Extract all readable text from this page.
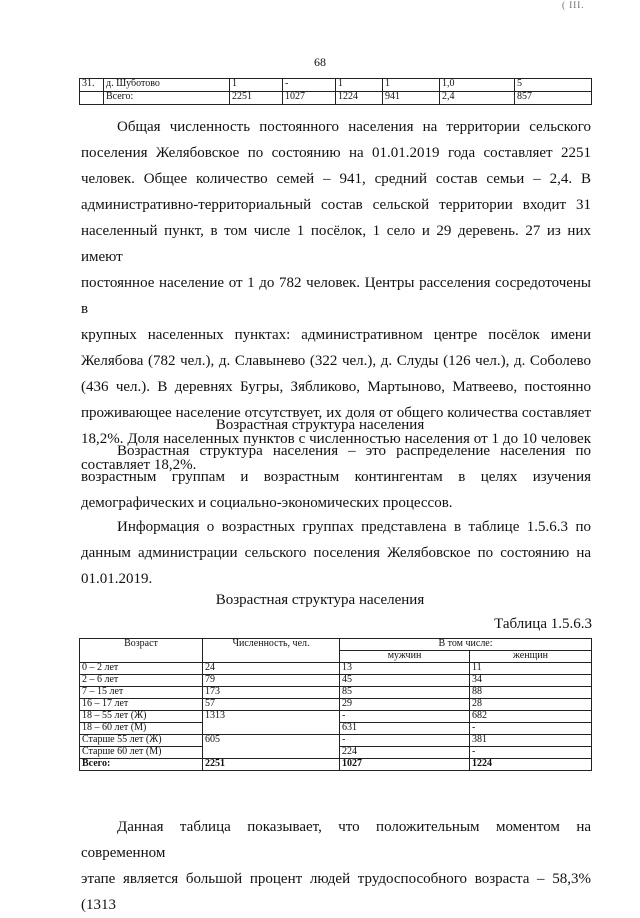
( III.
68
31.	д. Шуботово	1	-	1	1	1,0	5
	Всего:	2251	1027	1224	941	2,4	857
Общая численность постоянного населения на территории сельского
поселения Желябовское по состоянию на 01.01.2019 года составляет 2251
человек. Общее количество семей – 941, средний состав семьи – 2,4. В
административно-территориальный состав сельской территории входит 31
населенный пункт, в том числе 1 посёлок, 1 село и 29 деревень. 27 из них имеют
постоянное население от 1 до 782 человек. Центры расселения сосредоточены в
крупных населенных пунктах: административном центре посёлок имени
Желябова (782 чел.), д. Славынево (322 чел.), д. Слуды (126 чел.), д. Соболево
(436 чел.). В деревнях Бугры, Зябликово, Мартыново, Матвеево, постоянно
проживающее население отсутствует, их доля от общего количества составляет
18,2%. Доля населенных пунктов с численностью населения от 1 до 10 человек
составляет 18,2%.
Возрастная структура населения
Возрастная структура населения – это распределение населения по
возрастным группам и возрастным контингентам в целях изучения
демографических и социально-экономических процессов.
Информация о возрастных группах представлена в таблице 1.5.6.3 по
данным администрации сельского поселения Желябовское по состоянию на
01.01.2019.
Возрастная структура населения
Таблица 1.5.6.3
Возраст	Численность, чел.	В том числе:	
		мужчин	женщин
0 – 2 лет	24	13	11
2 – 6 лет	79	45	34
7 – 15 лет	173	85	88
16 – 17 лет	57	29	28
18 – 55 лет (Ж)	1313	-	682
18 – 60 лет (М)		631	-
Старше 55 лет (Ж)	605	-	381
Старше 60 лет (М)		224	-
Всего:	2251	1027	1224
Данная таблица показывает, что положительным моментом на современном
этапе является большой процент людей трудоспособного возраста – 58,3% (1313
